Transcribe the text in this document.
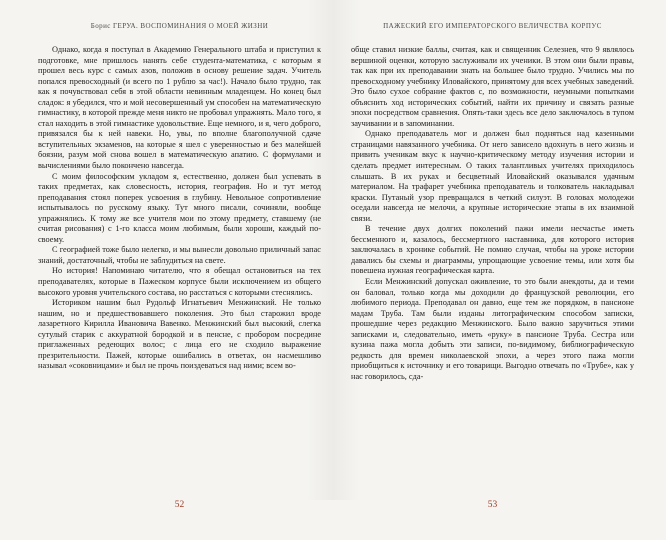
Борис ГЕРУА. ВОСПОМИНАНИЯ О МОЕЙ ЖИЗНИ

Однако, когда я поступал в Академию Генерального штаба и приступил к подготовке, мне пришлось нанять себе студента-математика, с которым я прошел весь курс с самых азов, положив в основу решение задач. Учитель попался превосходный (и всего по 1 рублю за час!). Начало было трудно, так как я почувствовал себя в этой области невинным младенцем. Но конец был сладок: я убедился, что и мой несовершенный ум способен на математическую гимнастику, в которой прежде меня никто не пробовал упражнять. Мало того, я стал находить в этой гимнастике удовольствие. Еще немного, и я, чего доброго, привязался бы к ней навеки. Но, увы, по вполне благополучной сдаче вступительных экзаменов, на которые я шел с уверенностью и без малейшей боязни, разум мой снова вошел в математическую апатию. С формулами и вычислениями было покончено навсегда.

С моим философским укладом я, естественно, должен был успевать в таких предметах, как словесность, история, география. Но и тут метод преподавания стоял поперек усвоения в глубину. Невольное сопротивление испытывалось по русскому языку. Тут много писали, сочиняли, вообще упражнялись. К тому же все учителя мои по этому предмету, ставшему (не считая рисования) с 1-го класса моим любимым, были хороши, каждый по-своему.

С географией тоже было нелегко, и мы вынесли довольно приличный запас знаний, достаточный, чтобы не заблудиться на свете.

Но история! Напоминаю читателю, что я обещал остановиться на тех преподавателях, которые в Пажеском корпусе были исключением из общего высокого уровня учительского состава, но расстаться с которыми стеснялись.

Историком нашим был Рудольф Игнатьевич Менжинский. Не только нашим, но и предшествовавшего поколения. Это был старожил вроде лазаретного Кирилла Ивановича Вавенко. Менжинский был высокий, слегка сутулый старик с аккуратной бородкой и в пенсне, с пробором посредине приглаженных редеющих волос; с лица его не сходило выражение презрительности. Пажей, которые ошибались в ответах, он насмешливо называл «соковницами» и был не прочь поиздеваться над ними; всем во-

52
ПАЖЕСКИЙ ЕГО ИМПЕРАТОРСКОГО ВЕЛИЧЕСТВА КОРПУС

обще ставил низкие баллы, считая, как и священник Селезнев, что 9 являлось вершиной оценки, которую заслуживали их ученики. В этом они были правы, так как при их преподавании знать на большее было трудно. Учились мы по превосходному учебнику Иловайского, принятому для всех учебных заведений. Это было сухое собрание фактов с, по возможности, неумными попытками объяснить ход исторических событий, найти их причину и связать разные эпохи посредством сравнения. Опять-таки здесь все дело заключалось в тупом заучивании и в запоминании.

Однако преподаватель мог и должен был подняться над казенными страницами навязанного учебника. От него зависело вдохнуть в него жизнь и привить ученикам вкус к научно-критическому методу изучения истории и сделать предмет интересным. О таких талантливых учителях приходилось слышать. В их руках и бесцветный Иловайский оказывался удачным материалом. На трафарет учебника преподаватель и толкователь накладывал краски. Путаный узор превращался в четкий силуэт. В головах молодежи оседали навсегда не мелочи, а крупные исторические этапы в их взаимной связи.

В течение двух долгих поколений пажи имели несчастье иметь бессменного и, казалось, бессмертного наставника, для которого история заключалась в хронике событий. Не помню случая, чтобы на уроке истории давались бы схемы и диаграммы, упрощающие усвоение темы, или хотя бы повешена нужная географическая карта.

Если Менжинский допускал оживление, то это были анекдоты, да и теми он баловал, только когда мы доходили до французской революции, его любимого периода. Преподавал он давно, еще тем же порядком, в пансионе мадам Труба. Там были изданы литографическим способом записки, прошедшие через редакцию Менжинского. Было важно заручиться этими записками и, следовательно, иметь «руку» в пансионе Труба. Сестра или кузина пажа могла добыть эти записи, по-видимому, библиографическую редкость для времен николаевской эпохи, а через этого пажа могли приобщиться к источнику и его товарищи. Выгодно отвечать по «Трубе», как у нас говорилось, сда-

53
